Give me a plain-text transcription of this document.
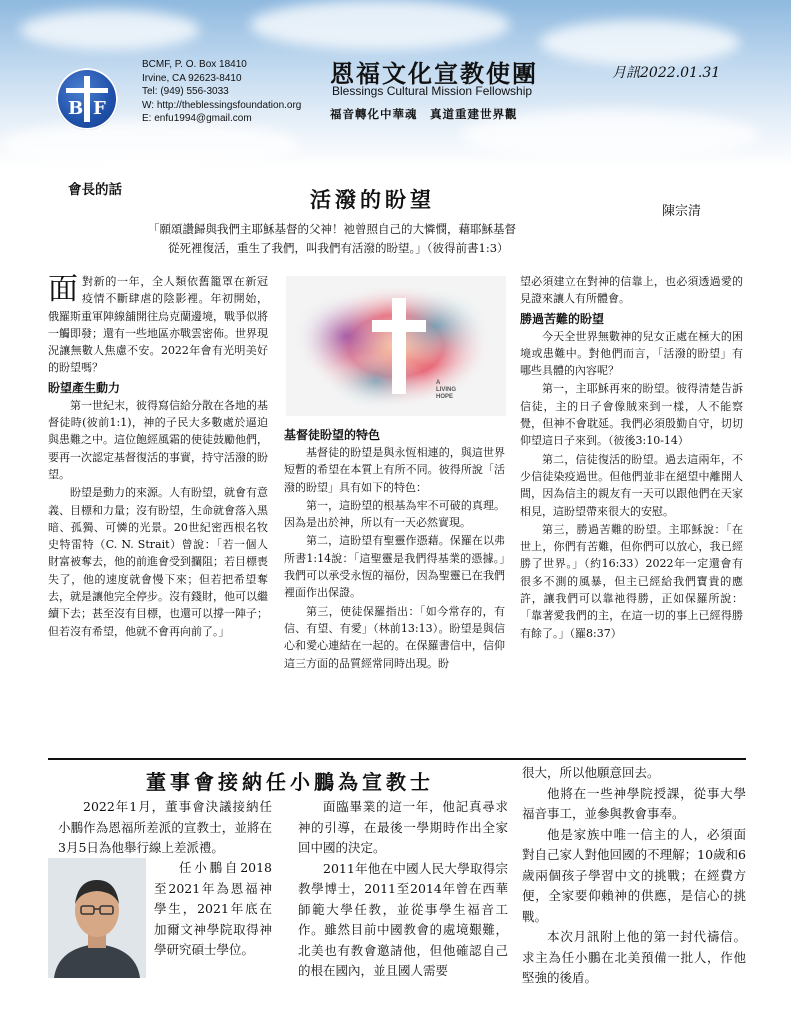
B F
BCMF, P. O. Box 18410
Irvine, CA 92623-8410
Tel: (949) 556-3033
W: http://theblessingsfoundation.org
E: enfu1994@gmail.com
恩福文化宣教使團
Blessings Cultural Mission Fellowship
福音轉化中華魂　真道重建世界觀
月訊2022.01.31
會長的話	活潑的盼望	陳宗清
「願頌讚歸與我們主耶穌基督的父神！祂曾照自己的大憐憫，藉耶穌基督
從死裡復活，重生了我們，叫我們有活潑的盼望。」（彼得前書1:3）

面對新的一年，全人類依舊籠罩在新冠疫情不斷肆虐的陰影裡。年初開始，俄羅斯重軍陣線舖開往烏克蘭邊境，戰爭似將一觸即發；還有一些地區亦戰雲密佈。世界現況讓無數人焦慮不安。2022年會有光明美好的盼望嗎？

盼望產生動力

第一世紀末，彼得寫信給分散在各地的基督徒時(彼前1:1)，神的子民大多數處於逼迫與患難之中。這位飽經風霜的使徒鼓勵他們，要再一次認定基督復活的事實，持守活潑的盼望。

盼望是動力的來源。人有盼望，就會有意義、目標和力量；沒有盼望，生命就會落入黑暗、孤獨、可憐的光景。20世紀密西根名牧史特雷特（C. N. Strait）曾說：「若一個人財富被奪去，他的前進會受到攔阻；若目標喪失了，他的速度就會慢下來；但若把希望奪去，就是讓他完全停步。沒有錢財，他可以繼續下去；甚至沒有目標，也還可以撐一陣子；但若沒有希望，他就不會再向前了。」

A
LIVING
HOPE
基督徒盼望的特色

基督徒的盼望是與永恆相連的，與這世界短暫的希望在本質上有所不同。彼得所說「活潑的盼望」具有如下的特色：

第一，這盼望的根基為牢不可破的真理。因為是出於神，所以有一天必然實現。

第二，這盼望有聖靈作憑藉。保羅在以弗所書1:14說：「這聖靈是我們得基業的憑據。」我們可以承受永恆的福份，因為聖靈已在我們裡面作出保證。

第三，使徒保羅指出：「如今常存的，有信、有望、有愛」（林前13:13）。盼望是與信心和愛心連結在一起的。在保羅書信中，信仰這三方面的品質經常同時出現。盼

望必須建立在對神的信靠上，也必須透過愛的見證來讓人有所體會。

勝過苦難的盼望

今天全世界無數神的兒女正處在極大的困境或患難中。對他們而言，「活潑的盼望」有哪些具體的內容呢？

第一，主耶穌再來的盼望。彼得清楚告訴信徒，主的日子會像賊來到一樣，人不能察覺，但神不會耽延。我們必須殷勤自守，切切仰望這日子來到。（彼後3:10-14）

第二，信徒復活的盼望。過去這兩年，不少信徒染疫過世。但他們並非在絕望中離開人間，因為信主的親友有一天可以跟他們在天家相見，這盼望帶來很大的安慰。

第三，勝過苦難的盼望。主耶穌說：「在世上，你們有苦難，但你們可以放心，我已經勝了世界。」（約16:33）2022年一定還會有很多不測的風暴，但主已經給我們寶貴的應許，讓我們可以靠祂得勝，正如保羅所說：「靠著愛我們的主，在這一切的事上已經得勝有餘了。」（羅8:37）

董事會接納任小鵬為宣教士

2022年1月，董事會決議接納任小鵬作為恩福所差派的宣教士，並將在3月5日為他舉行線上差派禮。

任小鵬自2018至2021年為恩福神學生，2021年底在加爾文神學院取得神學研究碩士學位。

面臨畢業的這一年，他記真尋求神的引導，在最後一學期時作出全家回中國的決定。

2011年他在中國人民大學取得宗教學博士，2011至2014年曾在西華師範大學任教，並從事學生福音工作。雖然目前中國教會的處境艱難，北美也有教會邀請他，但他確認自己的根在國內，並且國人需要

很大，所以他願意回去。

他將在一些神學院授課，從事大學福音事工，並參與教會事奉。

他是家族中唯一信主的人，必須面對自己家人對他回國的不理解；10歲和6歲兩個孩子學習中文的挑戰；在經費方便，全家要仰賴神的供應，是信心的挑戰。

本次月訊附上他的第一封代禱信。求主為任小鵬在北美預備一批人，作他堅強的後盾。
